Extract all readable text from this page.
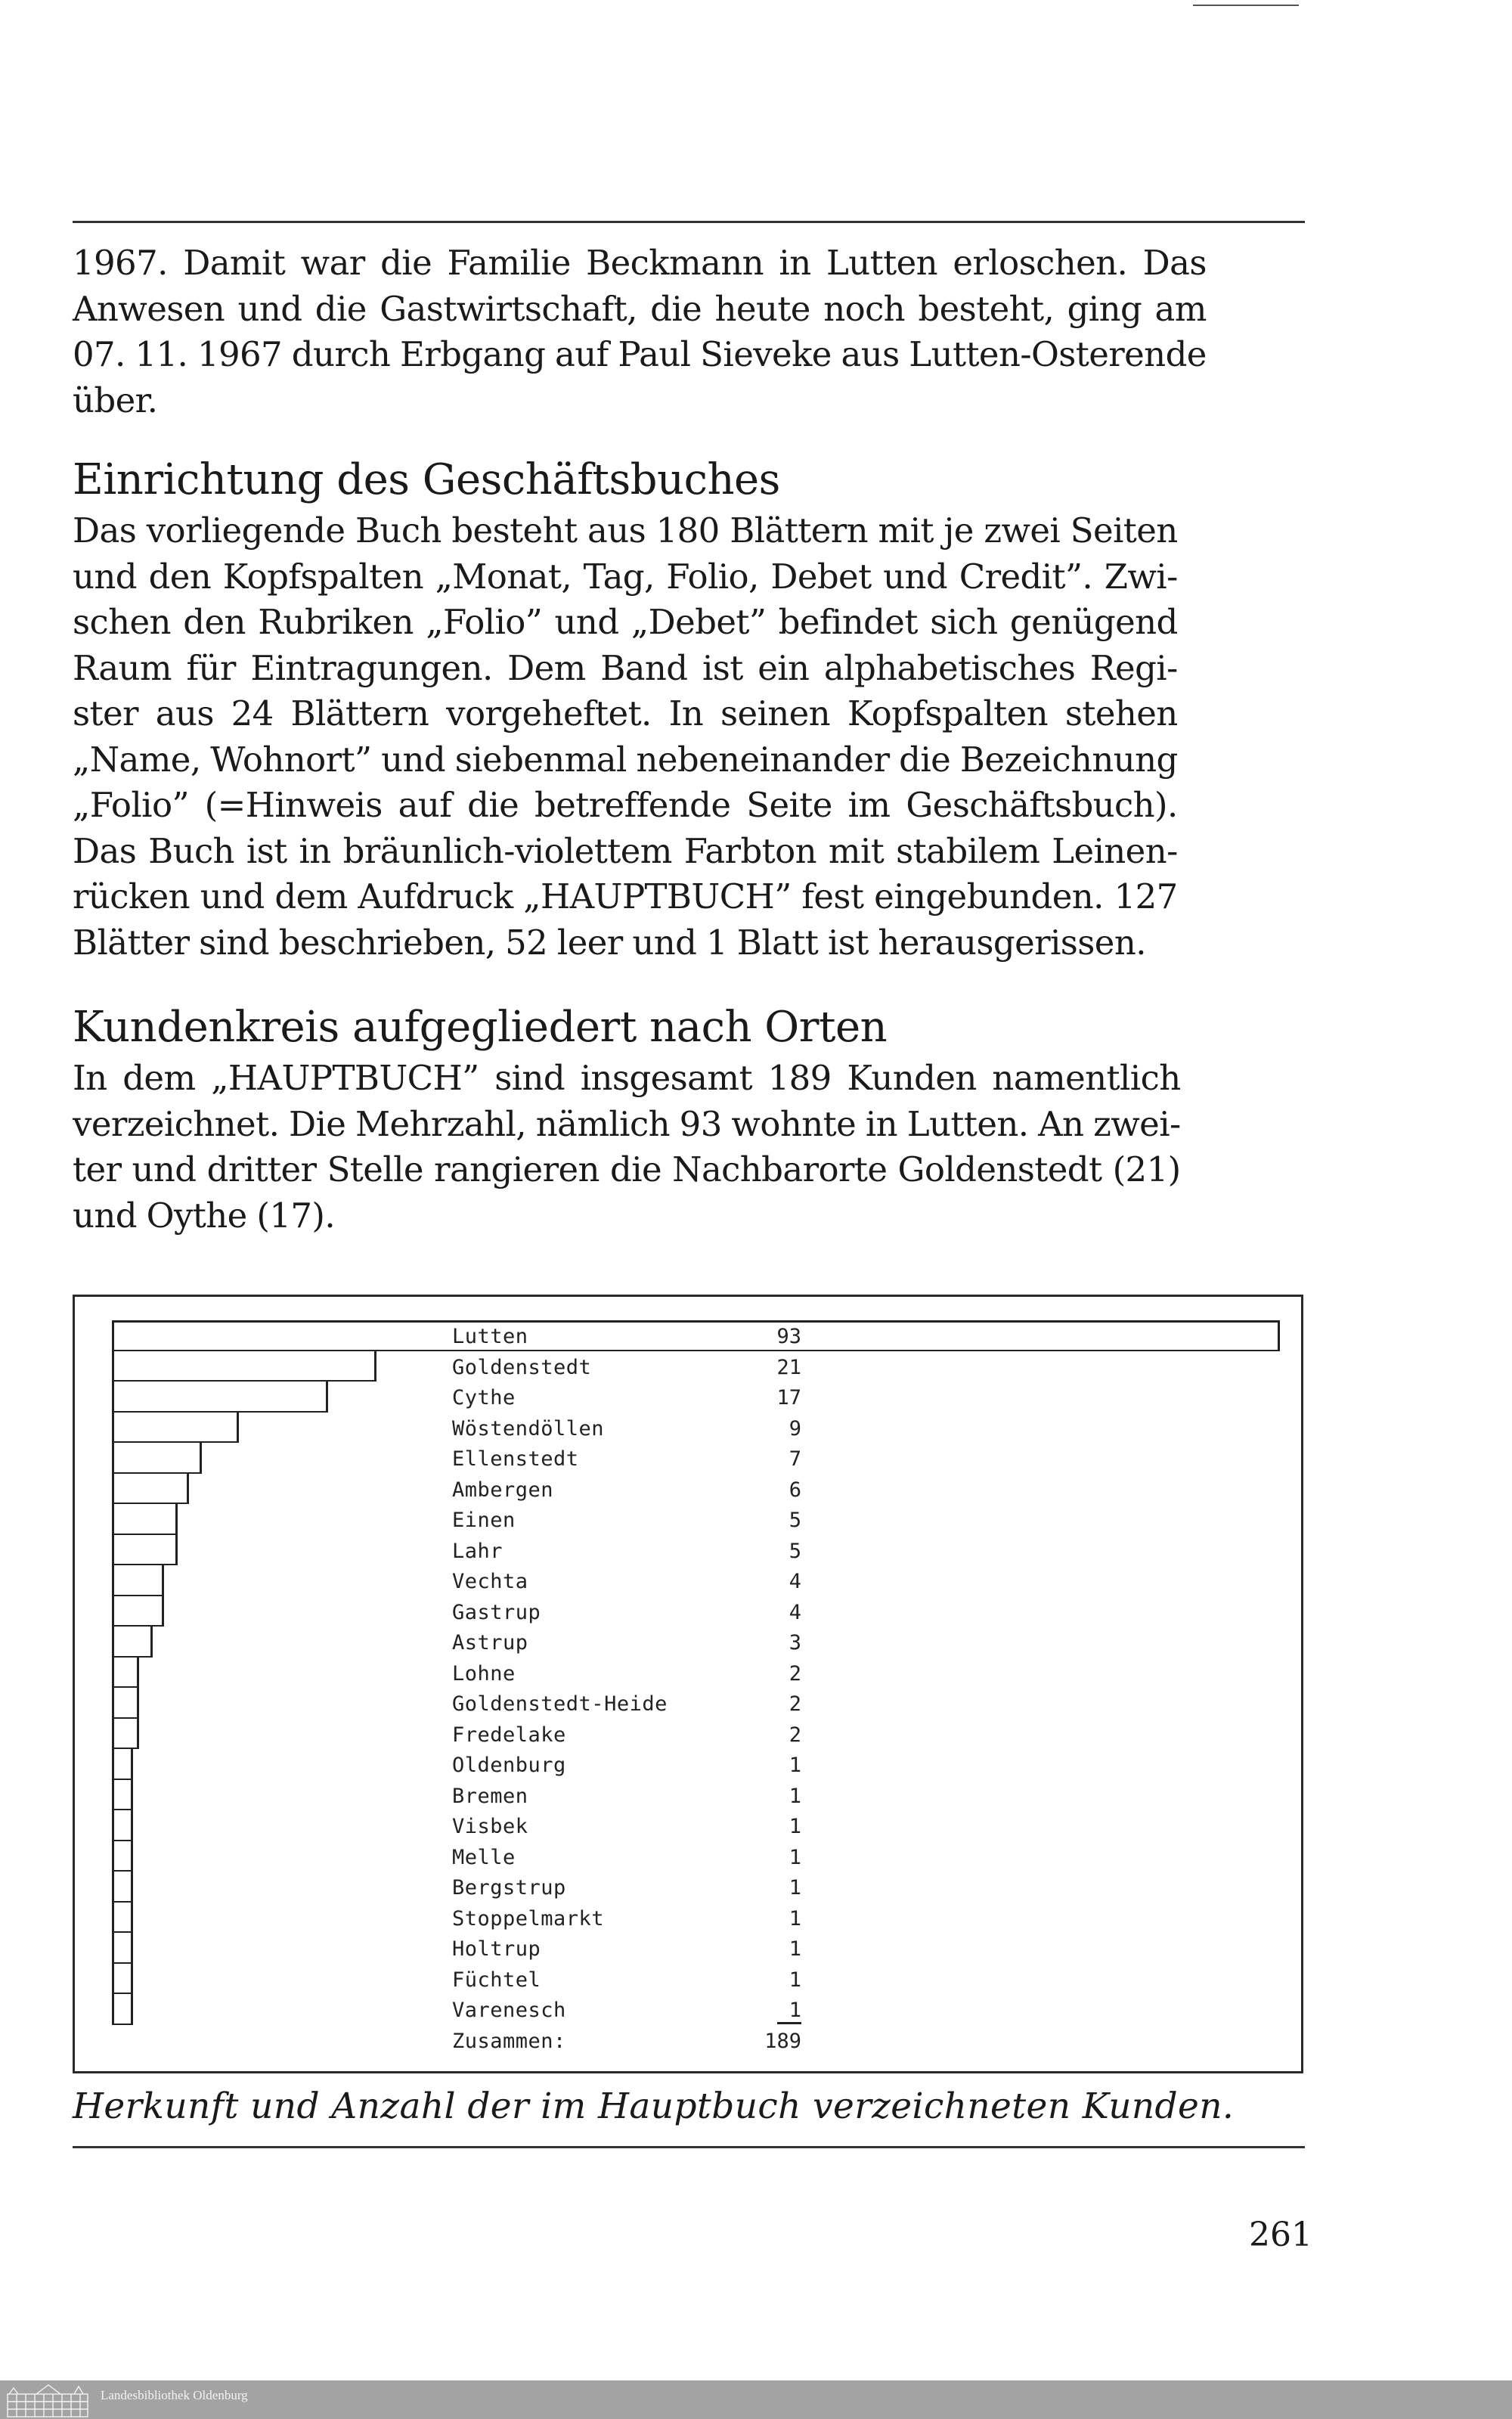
1967. Damit war die Familie Beckmann in Lutten erloschen. Das
Anwesen und die Gastwirtschaft, die heute noch besteht, ging am
07. 11. 1967 durch Erbgang auf Paul Sieveke aus Lutten-Osterende
über.

Einrichtung des Geschäftsbuches

Das vorliegende Buch besteht aus 180 Blättern mit je zwei Seiten
und den Kopfspalten „Monat, Tag, Folio, Debet und Credit”. Zwi-
schen den Rubriken „Folio” und „Debet” befindet sich genügend
Raum für Eintragungen. Dem Band ist ein alphabetisches Regi-
ster aus 24 Blättern vorgeheftet. In seinen Kopfspalten stehen
„Name, Wohnort” und siebenmal nebeneinander die Bezeichnung
„Folio” (=Hinweis auf die betreffende Seite im Geschäftsbuch).
Das Buch ist in bräunlich-violettem Farbton mit stabilem Leinen-
rücken und dem Aufdruck „HAUPTBUCH” fest eingebunden. 127
Blätter sind beschrieben, 52 leer und 1 Blatt ist herausgerissen.

Kundenkreis aufgegliedert nach Orten

In dem „HAUPTBUCH” sind insgesamt 189 Kunden namentlich
verzeichnet. Die Mehrzahl, nämlich 93 wohnte in Lutten. An zwei-
ter und dritter Stelle rangieren die Nachbarorte Goldenstedt (21)
und Oythe (17).

Lutten	93
Goldenstedt	21
Cythe	17
Wöstendöllen	9
Ellenstedt	7
Ambergen	6
Einen	5
Lahr	5
Vechta	4
Gastrup	4
Astrup	3
Lohne	2
Goldenstedt-Heide	2
Fredelake	2
Oldenburg	1
Bremen	1
Visbek	1
Melle	1
Bergstrup	1
Stoppelmarkt	1
Holtrup	1
Füchtel	1
Varenesch	1
Zusammen:	189
Herkunft und Anzahl der im Hauptbuch verzeichneten Kunden.
261
Landesbibliothek Oldenburg
